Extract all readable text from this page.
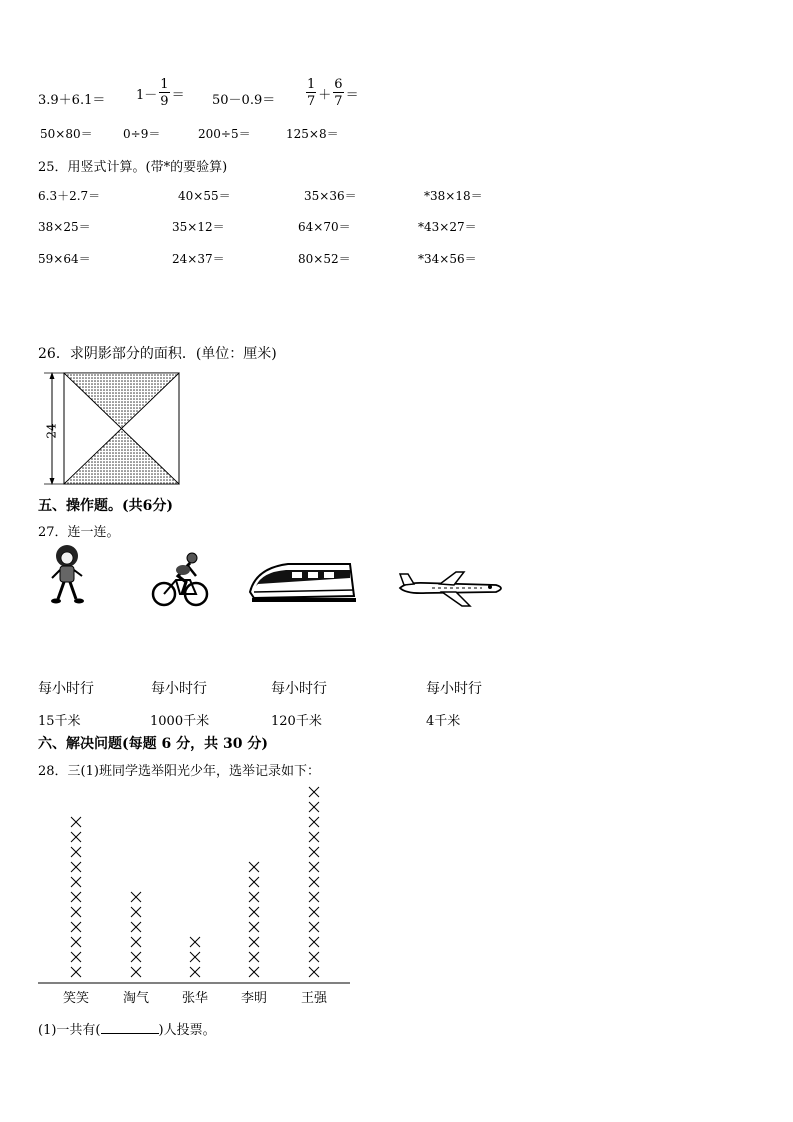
$3.9+6.1= 1- \frac{1}{9} = 50-0.9= \frac{1}{7} + \frac{6}{7}$ ＝
50×80＝	0÷9＝	200÷5＝	125×8＝
25．用竖式计算。(带*的要验算)
6.3＋2.7＝	40×55＝	35×36＝	*38×18＝
38×25＝	35×12＝	64×70＝	*43×27＝
59×64＝	24×37＝	80×52＝	*34×56＝
26．求阴影部分的面积．(单位：厘米)
24
五、操作题。(共6分)
27．连一连。
每小时行	每小时行	每小时行	每小时行
15千米	1000千米	120千米	4千米
六、解决问题(每题 6 分，共 30 分)
28．三(1)班同学选举阳光少年，选举记录如下：
笑笑	淘气	张华	李明	王强
(1)一共有(	)人投票。
